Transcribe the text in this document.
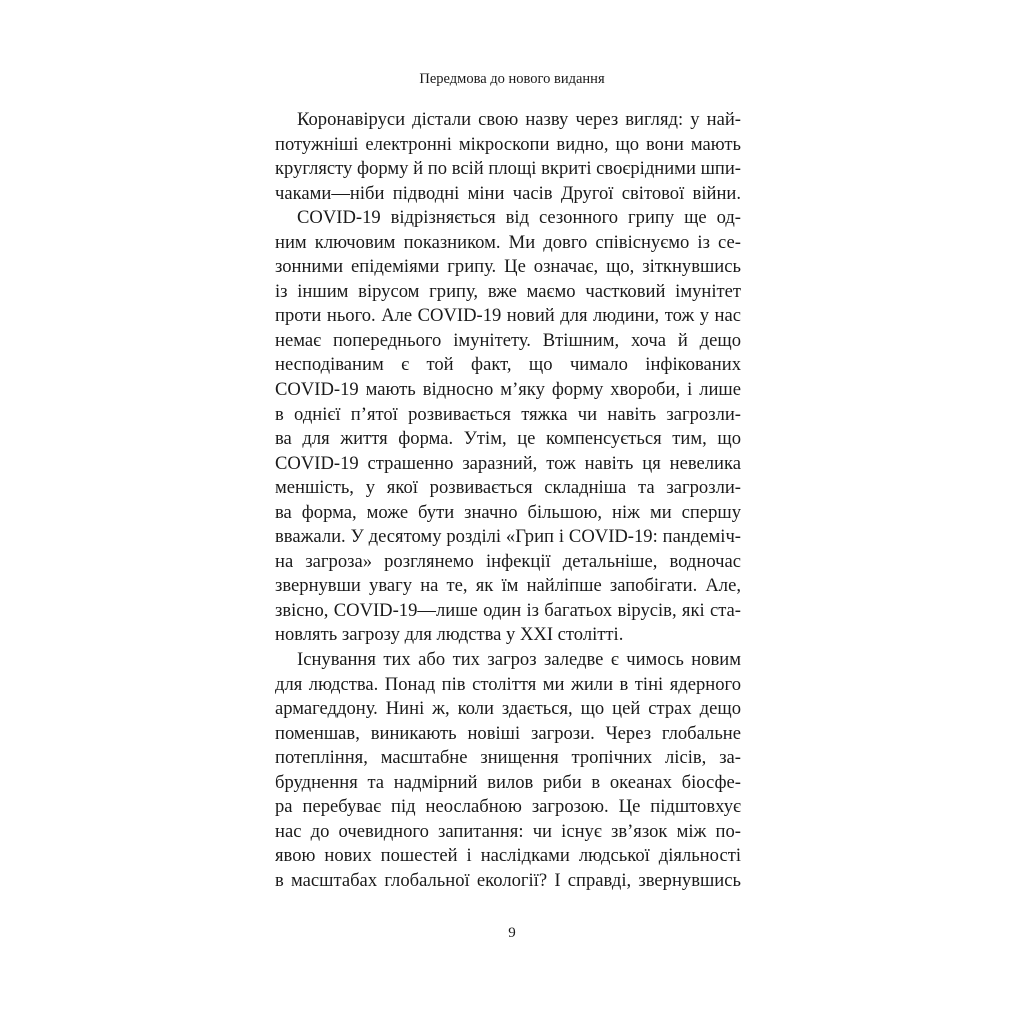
Передмова до нового видання

Коронавіруси дістали свою назву через вигляд: у най-
потужніші електронні мікроскопи видно, що вони мають
круглясту форму й по всій площі вкриті своєрідними шпи-
чаками—ніби підводні міни часів Другої світової війни.

COVID-19 відрізняється від сезонного грипу ще од-
ним ключовим показником. Ми довго співіснуємо із се-
зонними епідеміями грипу. Це означає, що, зіткнувшись
із іншим вірусом грипу, вже маємо частковий імунітет
проти нього. Але COVID-19 новий для людини, тож у нас
немає попереднього імунітету. Втішним, хоча й дещо
несподіваним є той факт, що чимало інфікованих
COVID-19 мають відносно м’яку форму хвороби, і лише
в однієї п’ятої розвивається тяжка чи навіть загрозли-
ва для життя форма. Утім, це компенсується тим, що
COVID-19 страшенно заразний, тож навіть ця невелика
меншість, у якої розвивається складніша та загрозли-
ва форма, може бути значно більшою, ніж ми спершу
вважали. У десятому розділі «Грип і COVID-19: пандеміч-
на загроза» розглянемо інфекції детальніше, водночас
звернувши увагу на те, як їм найліпше запобігати. Але,
звісно, COVID-19—лише один із багатьох вірусів, які ста-
новлять загрозу для людства у XXI столітті.

Існування тих або тих загроз заледве є чимось новим
для людства. Понад пів століття ми жили в тіні ядерного
армагеддону. Нині ж, коли здається, що цей страх дещо
поменшав, виникають новіші загрози. Через глобальне
потепління, масштабне знищення тропічних лісів, за-
бруднення та надмірний вилов риби в океанах біосфе-
ра перебуває під неослабною загрозою. Це підштовхує
нас до очевидного запитання: чи існує зв’язок між по-
явою нових пошестей і наслідками людської діяльності
в масштабах глобальної екології? І справді, звернувшись

9
